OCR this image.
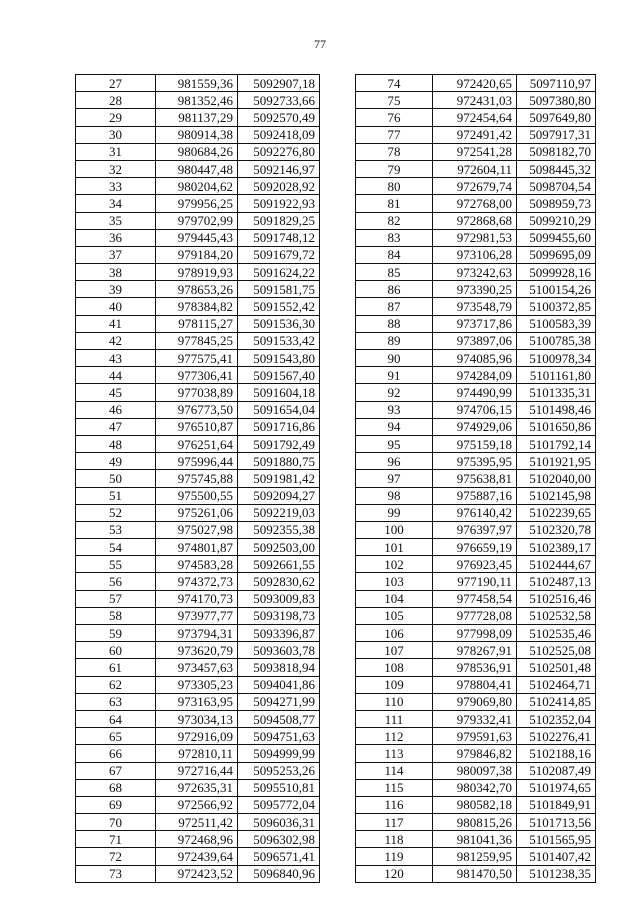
77
27	981559,36	5092907,18
28	981352,46	5092733,66
29	981137,29	5092570,49
30	980914,38	5092418,09
31	980684,26	5092276,80
32	980447,48	5092146,97
33	980204,62	5092028,92
34	979956,25	5091922,93
35	979702,99	5091829,25
36	979445,43	5091748,12
37	979184,20	5091679,72
38	978919,93	5091624,22
39	978653,26	5091581,75
40	978384,82	5091552,42
41	978115,27	5091536,30
42	977845,25	5091533,42
43	977575,41	5091543,80
44	977306,41	5091567,40
45	977038,89	5091604,18
46	976773,50	5091654,04
47	976510,87	5091716,86
48	976251,64	5091792,49
49	975996,44	5091880,75
50	975745,88	5091981,42
51	975500,55	5092094,27
52	975261,06	5092219,03
53	975027,98	5092355,38
54	974801,87	5092503,00
55	974583,28	5092661,55
56	974372,73	5092830,62
57	974170,73	5093009,83
58	973977,77	5093198,73
59	973794,31	5093396,87
60	973620,79	5093603,78
61	973457,63	5093818,94
62	973305,23	5094041,86
63	973163,95	5094271,99
64	973034,13	5094508,77
65	972916,09	5094751,63
66	972810,11	5094999,99
67	972716,44	5095253,26
68	972635,31	5095510,81
69	972566,92	5095772,04
70	972511,42	5096036,31
71	972468,96	5096302,98
72	972439,64	5096571,41
73	972423,52	5096840,96
74	972420,65	5097110,97
75	972431,03	5097380,80
76	972454,64	5097649,80
77	972491,42	5097917,31
78	972541,28	5098182,70
79	972604,11	5098445,32
80	972679,74	5098704,54
81	972768,00	5098959,73
82	972868,68	5099210,29
83	972981,53	5099455,60
84	973106,28	5099695,09
85	973242,63	5099928,16
86	973390,25	5100154,26
87	973548,79	5100372,85
88	973717,86	5100583,39
89	973897,06	5100785,38
90	974085,96	5100978,34
91	974284,09	5101161,80
92	974490,99	5101335,31
93	974706,15	5101498,46
94	974929,06	5101650,86
95	975159,18	5101792,14
96	975395,95	5101921,95
97	975638,81	5102040,00
98	975887,16	5102145,98
99	976140,42	5102239,65
100	976397,97	5102320,78
101	976659,19	5102389,17
102	976923,45	5102444,67
103	977190,11	5102487,13
104	977458,54	5102516,46
105	977728,08	5102532,58
106	977998,09	5102535,46
107	978267,91	5102525,08
108	978536,91	5102501,48
109	978804,41	5102464,71
110	979069,80	5102414,85
111	979332,41	5102352,04
112	979591,63	5102276,41
113	979846,82	5102188,16
114	980097,38	5102087,49
115	980342,70	5101974,65
116	980582,18	5101849,91
117	980815,26	5101713,56
118	981041,36	5101565,95
119	981259,95	5101407,42
120	981470,50	5101238,35
